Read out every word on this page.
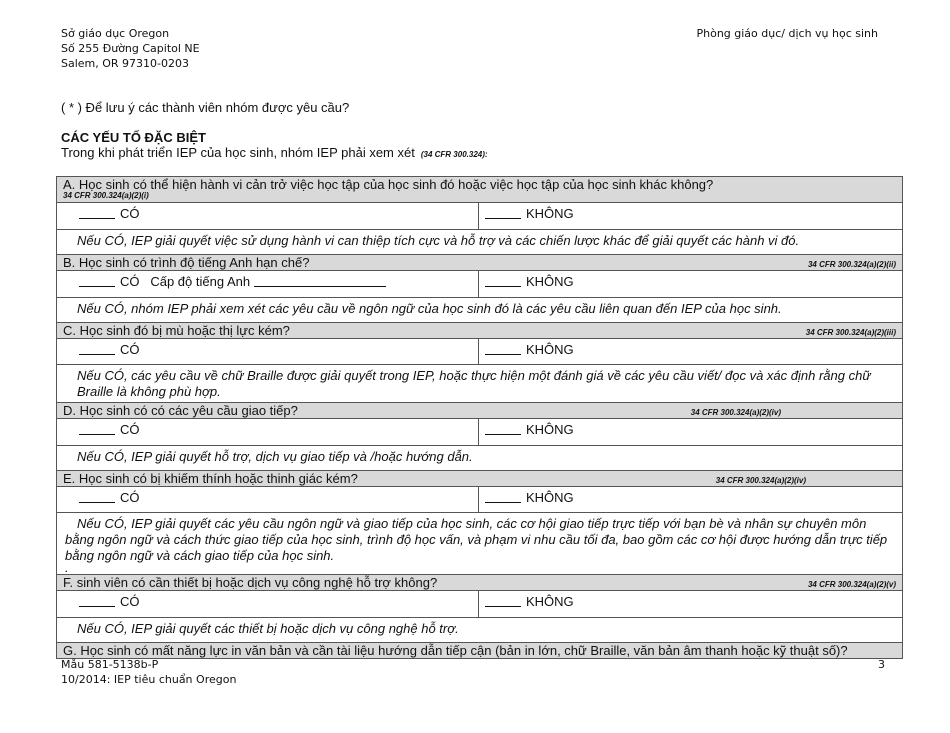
Sở giáo dục Oregon
Số 255 Đường Capitol NE
Salem, OR 97310-0203
Phòng giáo dục/ dịch vụ học sinh
( * ) Để lưu ý các thành viên nhóm được yêu cầu?
CÁC YẾU TỐ ĐẶC BIỆT
Trong khi phát triển IEP của học sinh, nhóm IEP phải xem xét (34 CFR 300.324):
A. Học sinh có thể hiện hành vi cản trở việc học tập của học sinh đó hoặc việc học tập của học sinh khác không?
34 CFR 300.324(a)(2)(i)	

CÓ	KHÔNG
Nếu CÓ, IEP giải quyết việc sử dụng hành vi can thiệp tích cực và hỗ trợ và các chiến lược khác để giải quyết các hành vi đó.	

B. Học sinh có trình độ tiếng Anh hạn chế? 34 CFR 300.324(a)(2)(ii)	

CÓ Cấp độ tiếng Anh	KHÔNG
Nếu CÓ, nhóm IEP phải xem xét các yêu cầu về ngôn ngữ của học sinh đó là các yêu cầu liên quan đến IEP của học sinh.	

C. Học sinh đó bị mù hoặc thị lực kém? 34 CFR 300.324(a)(2)(iii)	

CÓ	KHÔNG
Nếu CÓ, các yêu cầu về chữ Braille được giải quyết trong IEP, hoặc thực hiện một đánh giá về các yêu cầu viết/ đọc và xác định rằng chữ Braille là không phù hợp.	

D. Học sinh có có các yêu cầu giao tiếp? 34 CFR 300.324(a)(2)(iv)	

CÓ	KHÔNG
Nếu CÓ, IEP giải quyết hỗ trợ, dịch vụ giao tiếp và /hoặc hướng dẫn.	

E. Học sinh có bị khiếm thính hoặc thinh giác kém? 34 CFR 300.324(a)(2)(iv)	

CÓ	KHÔNG

Nếu CÓ, IEP giải quyết các yêu cầu ngôn ngữ và giao tiếp của học sinh, các cơ hội giao tiếp trực tiếp với bạn bè và nhân sự chuyên môn bằng ngôn ngữ và cách thức giao tiếp của học sinh, trình độ học vấn, và phạm vi nhu cầu tối đa, bao gồm các cơ hội được hướng dẫn trực tiếp bằng ngôn ngữ và cách giao tiếp của học sinh.
.	

F. sinh viên có cần thiết bị hoặc dịch vụ công nghệ hỗ trợ không? 34 CFR 300.324(a)(2)(v)	

CÓ	KHÔNG
Nếu CÓ, IEP giải quyết các thiết bị hoặc dịch vụ công nghệ hỗ trợ.	
G. Học sinh có mất năng lực in văn bản và cần tài liệu hướng dẫn tiếp cận (bản in lớn, chữ Braille, văn bản âm thanh hoặc kỹ thuật số)?	
Mẫu 581-5138b-P
10/2014: IEP tiêu chuẩn Oregon
3
